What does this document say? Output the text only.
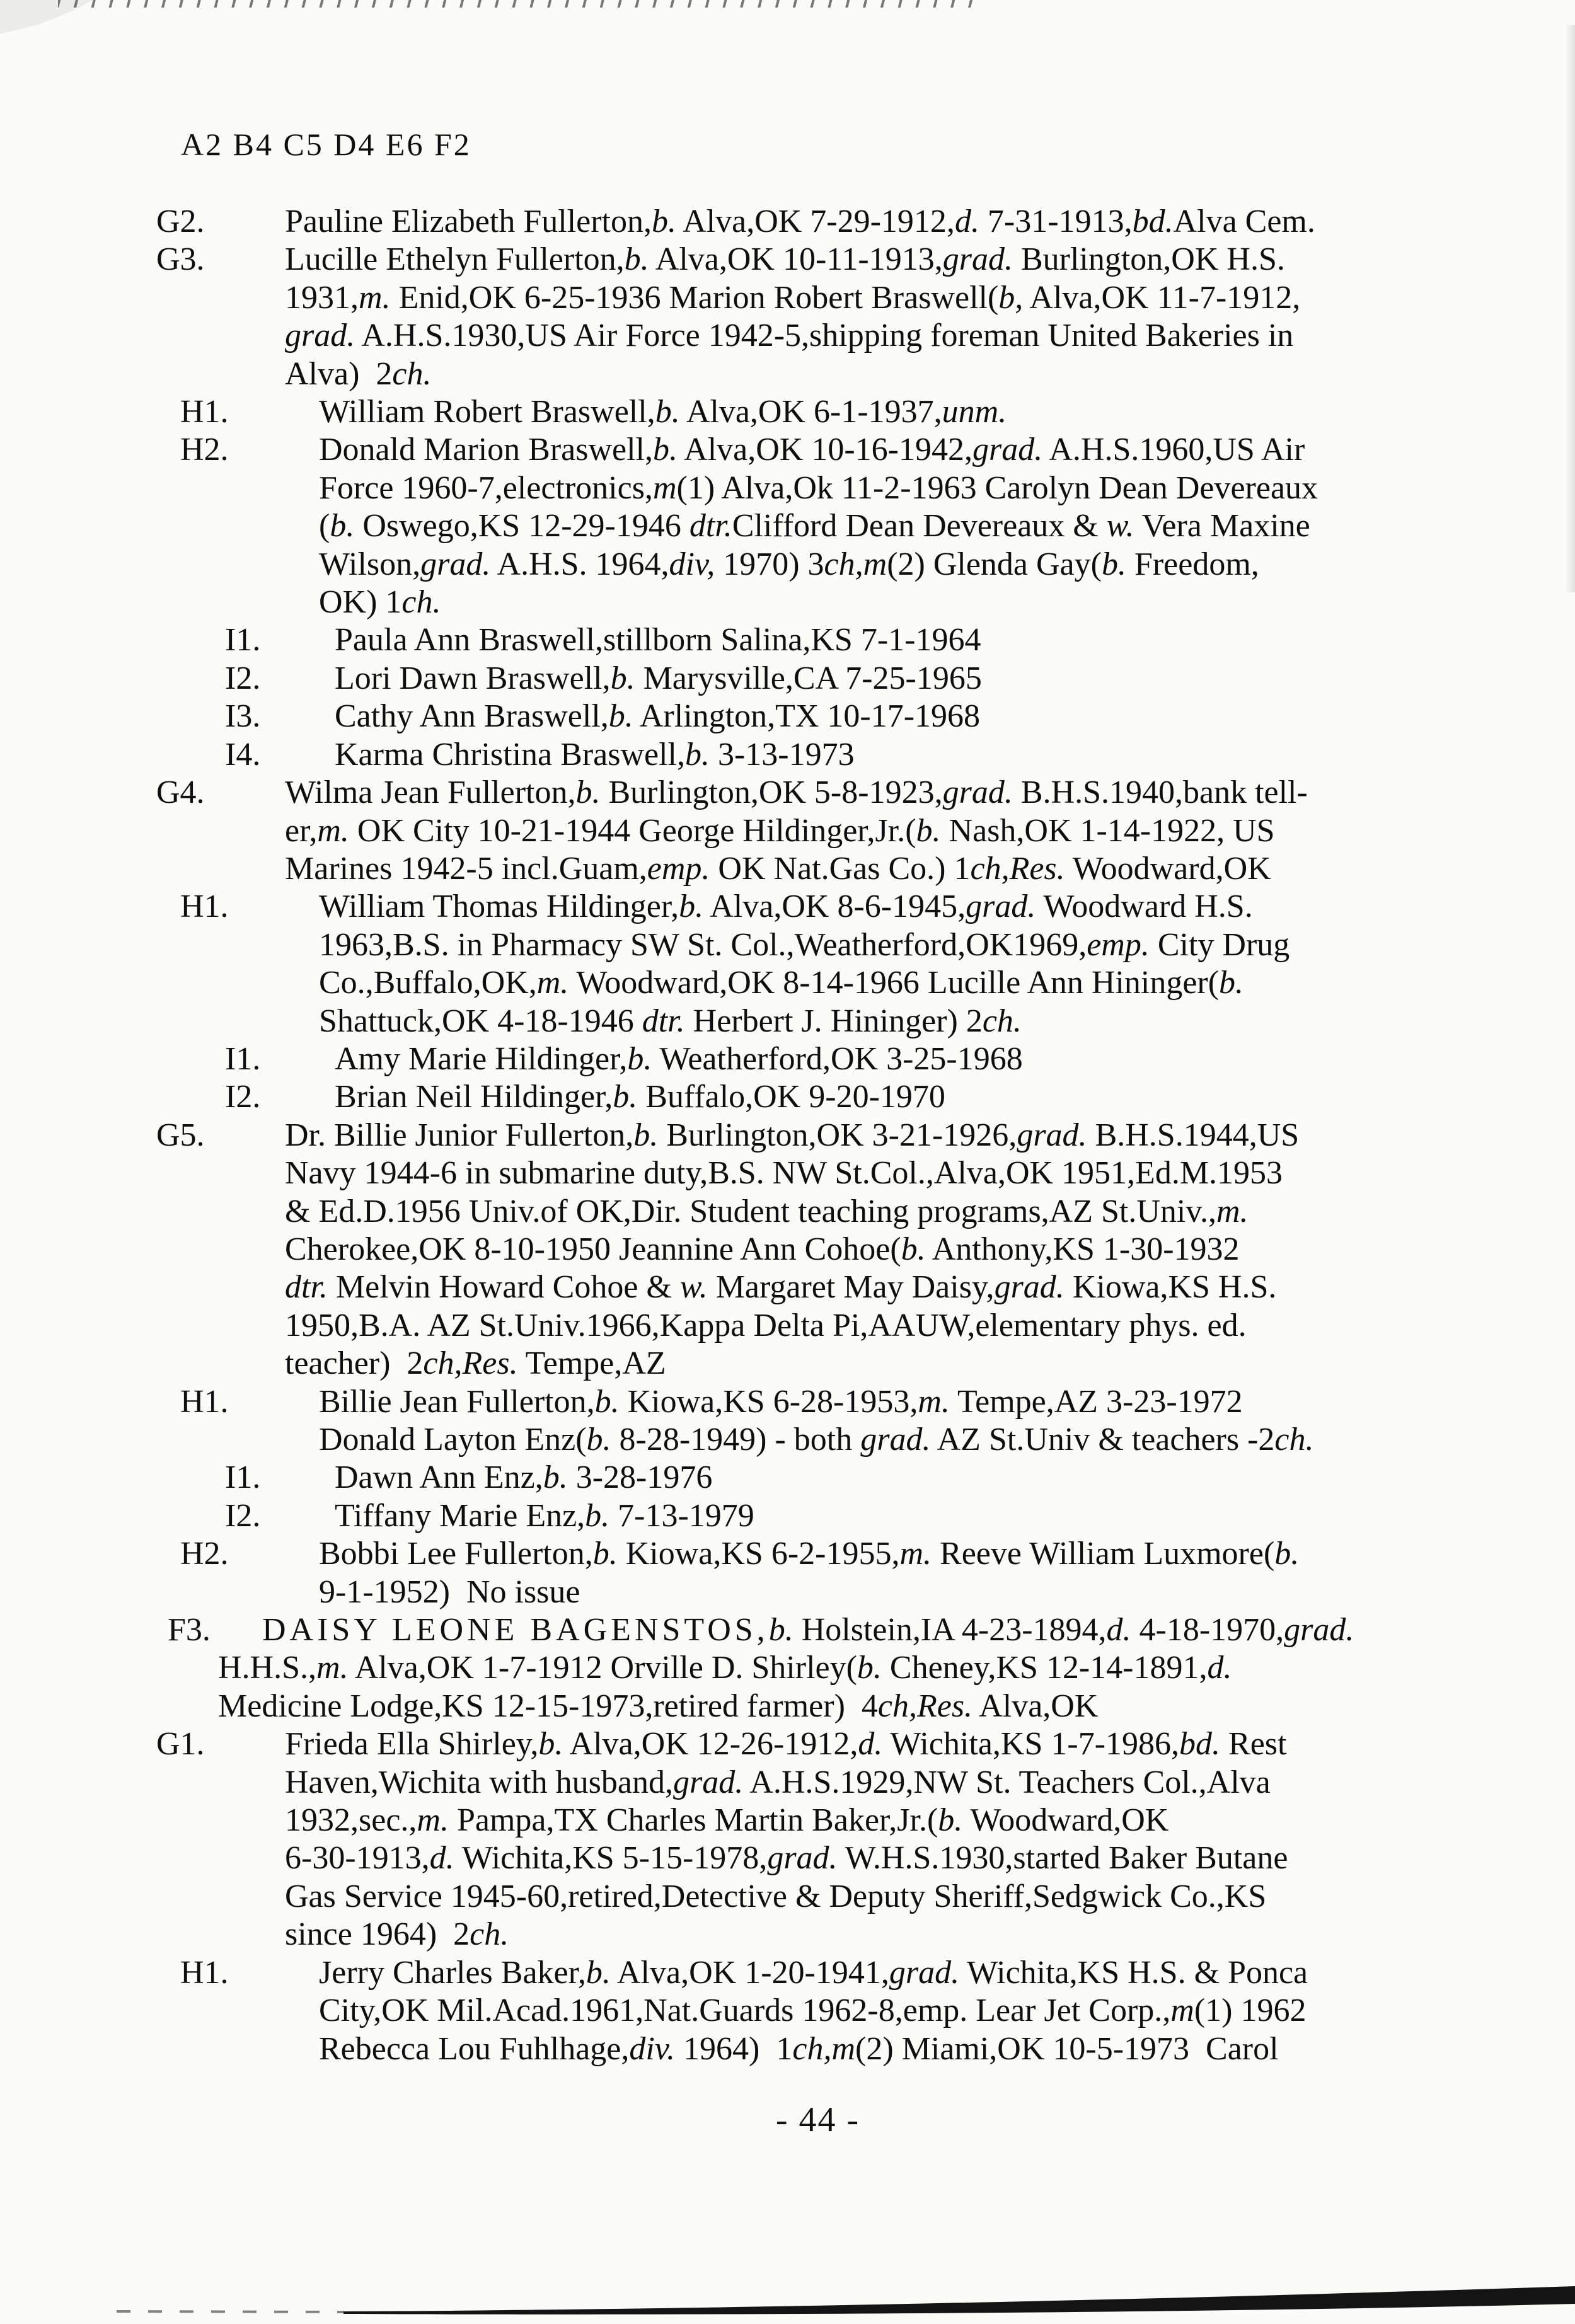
A2 B4 C5 D4 E6 F2
G2. Pauline Elizabeth Fullerton,b. Alva,OK 7-29-1912,d. 7-31-1913,bd.Alva Cem.
G3. Lucille Ethelyn Fullerton,b. Alva,OK 10-11-1913,grad. Burlington,OK H.S.
1931,m. Enid,OK 6-25-1936 Marion Robert Braswell(b, Alva,OK 11-7-1912,
grad. A.H.S.1930,US Air Force 1942-5,shipping foreman United Bakeries in
Alva)  2ch.
H1.	William Robert Braswell,b. Alva,OK 6-1-1937,unm.
H2.	Donald Marion Braswell,b. Alva,OK 10-16-1942,grad. A.H.S.1960,US Air
Force 1960-7,electronics,m(1) Alva,Ok 11-2-1963 Carolyn Dean Devereaux
(b. Oswego,KS 12-29-1946 dtr.Clifford Dean Devereaux & w. Vera Maxine
Wilson,grad. A.H.S. 1964,div, 1970) 3ch,m(2) Glenda Gay(b. Freedom,
OK) 1ch.
I1. Paula Ann Braswell,stillborn Salina,KS 7-1-1964
I2. Lori Dawn Braswell,b. Marysville,CA 7-25-1965
I3. Cathy Ann Braswell,b. Arlington,TX 10-17-1968
I4. Karma Christina Braswell,b. 3-13-1973
G4. Wilma Jean Fullerton,b. Burlington,OK 5-8-1923,grad. B.H.S.1940,bank tell-
er,m. OK City 10-21-1944 George Hildinger,Jr.(b. Nash,OK 1-14-1922, US
Marines 1942-5 incl.Guam,emp. OK Nat.Gas Co.) 1ch,Res. Woodward,OK
H1.	William Thomas Hildinger,b. Alva,OK 8-6-1945,grad. Woodward H.S.
1963,B.S. in Pharmacy SW St. Col.,Weatherford,OK1969,emp. City Drug
Co.,Buffalo,OK,m. Woodward,OK 8-14-1966 Lucille Ann Hininger(b.
Shattuck,OK 4-18-1946 dtr. Herbert J. Hininger) 2ch.
I1. Amy Marie Hildinger,b. Weatherford,OK 3-25-1968
I2. Brian Neil Hildinger,b. Buffalo,OK 9-20-1970
G5. Dr. Billie Junior Fullerton,b. Burlington,OK 3-21-1926,grad. B.H.S.1944,US
Navy 1944-6 in submarine duty,B.S. NW St.Col.,Alva,OK 1951,Ed.M.1953
& Ed.D.1956 Univ.of OK,Dir. Student teaching programs,AZ St.Univ.,m.
Cherokee,OK 8-10-1950 Jeannine Ann Cohoe(b. Anthony,KS 1-30-1932
dtr. Melvin Howard Cohoe & w. Margaret May Daisy,grad. Kiowa,KS H.S.
1950,B.A. AZ St.Univ.1966,Kappa Delta Pi,AAUW,elementary phys. ed.
teacher)  2ch,Res. Tempe,AZ
H1.	Billie Jean Fullerton,b. Kiowa,KS 6-28-1953,m. Tempe,AZ 3-23-1972
Donald Layton Enz(b. 8-28-1949) - both grad. AZ St.Univ & teachers -2ch.
I1. Dawn Ann Enz,b. 3-28-1976
I2. Tiffany Marie Enz,b. 7-13-1979
H2.	Bobbi Lee Fullerton,b. Kiowa,KS 6-2-1955,m. Reeve William Luxmore(b.
9-1-1952)  No issue
F3. DAISY LEONE BAGENSTOS,b. Holstein,IA 4-23-1894,d. 4-18-1970,grad.
H.H.S.,m. Alva,OK 1-7-1912 Orville D. Shirley(b. Cheney,KS 12-14-1891,d.
Medicine Lodge,KS 12-15-1973,retired farmer)  4ch,Res. Alva,OK
G1. Frieda Ella Shirley,b. Alva,OK 12-26-1912,d. Wichita,KS 1-7-1986,bd. Rest
Haven,Wichita with husband,grad. A.H.S.1929,NW St. Teachers Col.,Alva
1932,sec.,m. Pampa,TX Charles Martin Baker,Jr.(b. Woodward,OK
6-30-1913,d. Wichita,KS 5-15-1978,grad. W.H.S.1930,started Baker Butane
Gas Service 1945-60,retired,Detective & Deputy Sheriff,Sedgwick Co.,KS
since 1964)  2ch.
H1.	Jerry Charles Baker,b. Alva,OK 1-20-1941,grad. Wichita,KS H.S. & Ponca
City,OK Mil.Acad.1961,Nat.Guards 1962-8,emp. Lear Jet Corp.,m(1) 1962
Rebecca Lou Fuhlhage,div. 1964)  1ch,m(2) Miami,OK 10-5-1973  Carol
- 44 -
